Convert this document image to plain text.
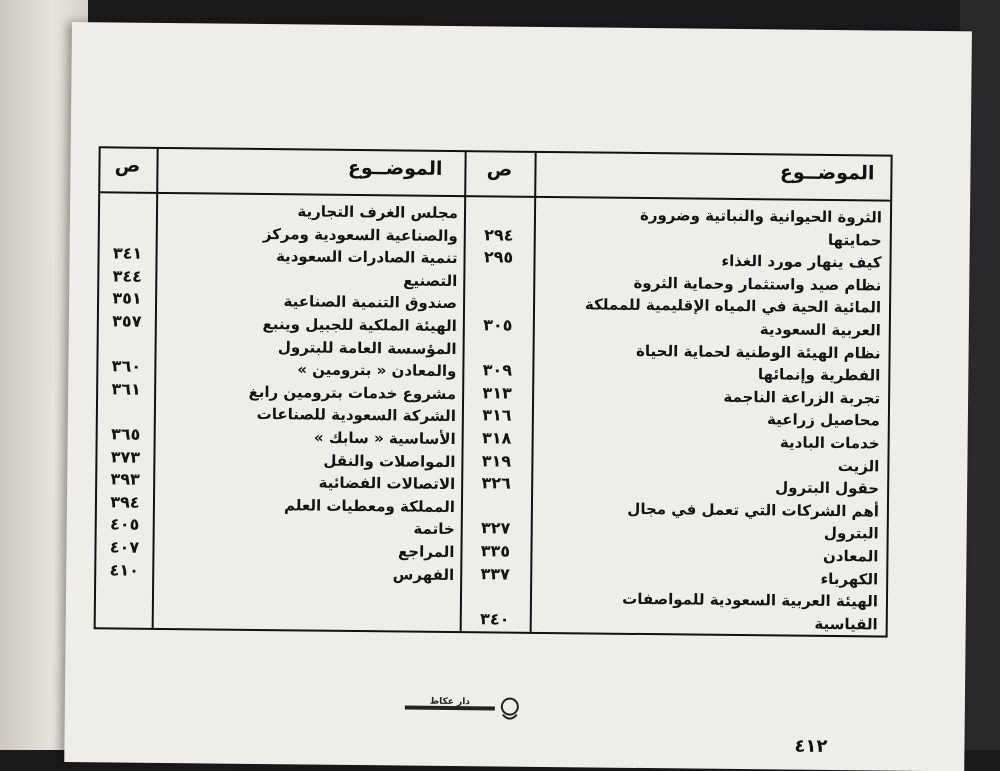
الموضــوع
ص
الموضــوع
ص
الثروة الحيوانية والنباتية وضرورة
حمايتها
كيف ينهار مورد الغذاء
نظام صيد واستثمار وحماية الثروة
المائية الحية في المياه الإقليمية للمملكة
العربية السعودية
نظام الهيئة الوطنية لحماية الحياة
الفطرية وإنمائها
تجربة الزراعة الناجمة
محاصيل زراعية
خدمات البادية
الزيت
حقول البترول
أهم الشركات التي تعمل في مجال
البترول
المعادن
الكهرباء
الهيئة العربية السعودية للمواصفات
القياسية
٢٩٤
٢٩٥
٣٠٥
٣٠٩
٣١٣
٣١٦
٣١٨
٣١٩
٣٢٦
٣٢٧
٣٣٥
٣٣٧
٣٤٠
مجلس الغرف التجارية
والصناعية السعودية ومركز
تنمية الصادرات السعودية
التصنيع
صندوق التنمية الصناعية
الهيئة الملكية للجبيل وينبع
المؤسسة العامة للبترول
والمعادن « بترومين »
مشروع خدمات بترومين رابغ
الشركة السعودية للصناعات
الأساسية « سابك »
المواصلات والنقل
الاتصالات الفضائية
المملكة ومعطيات العلم
خاتمة
المراجع
الفهرس
٣٤١
٣٤٤
٣٥١
٣٥٧
٣٦٠
٣٦١
٣٦٥
٣٧٣
٣٩٣
٣٩٤
٤٠٥
٤٠٧
٤١٠
دار عكاظ
٤١٢
